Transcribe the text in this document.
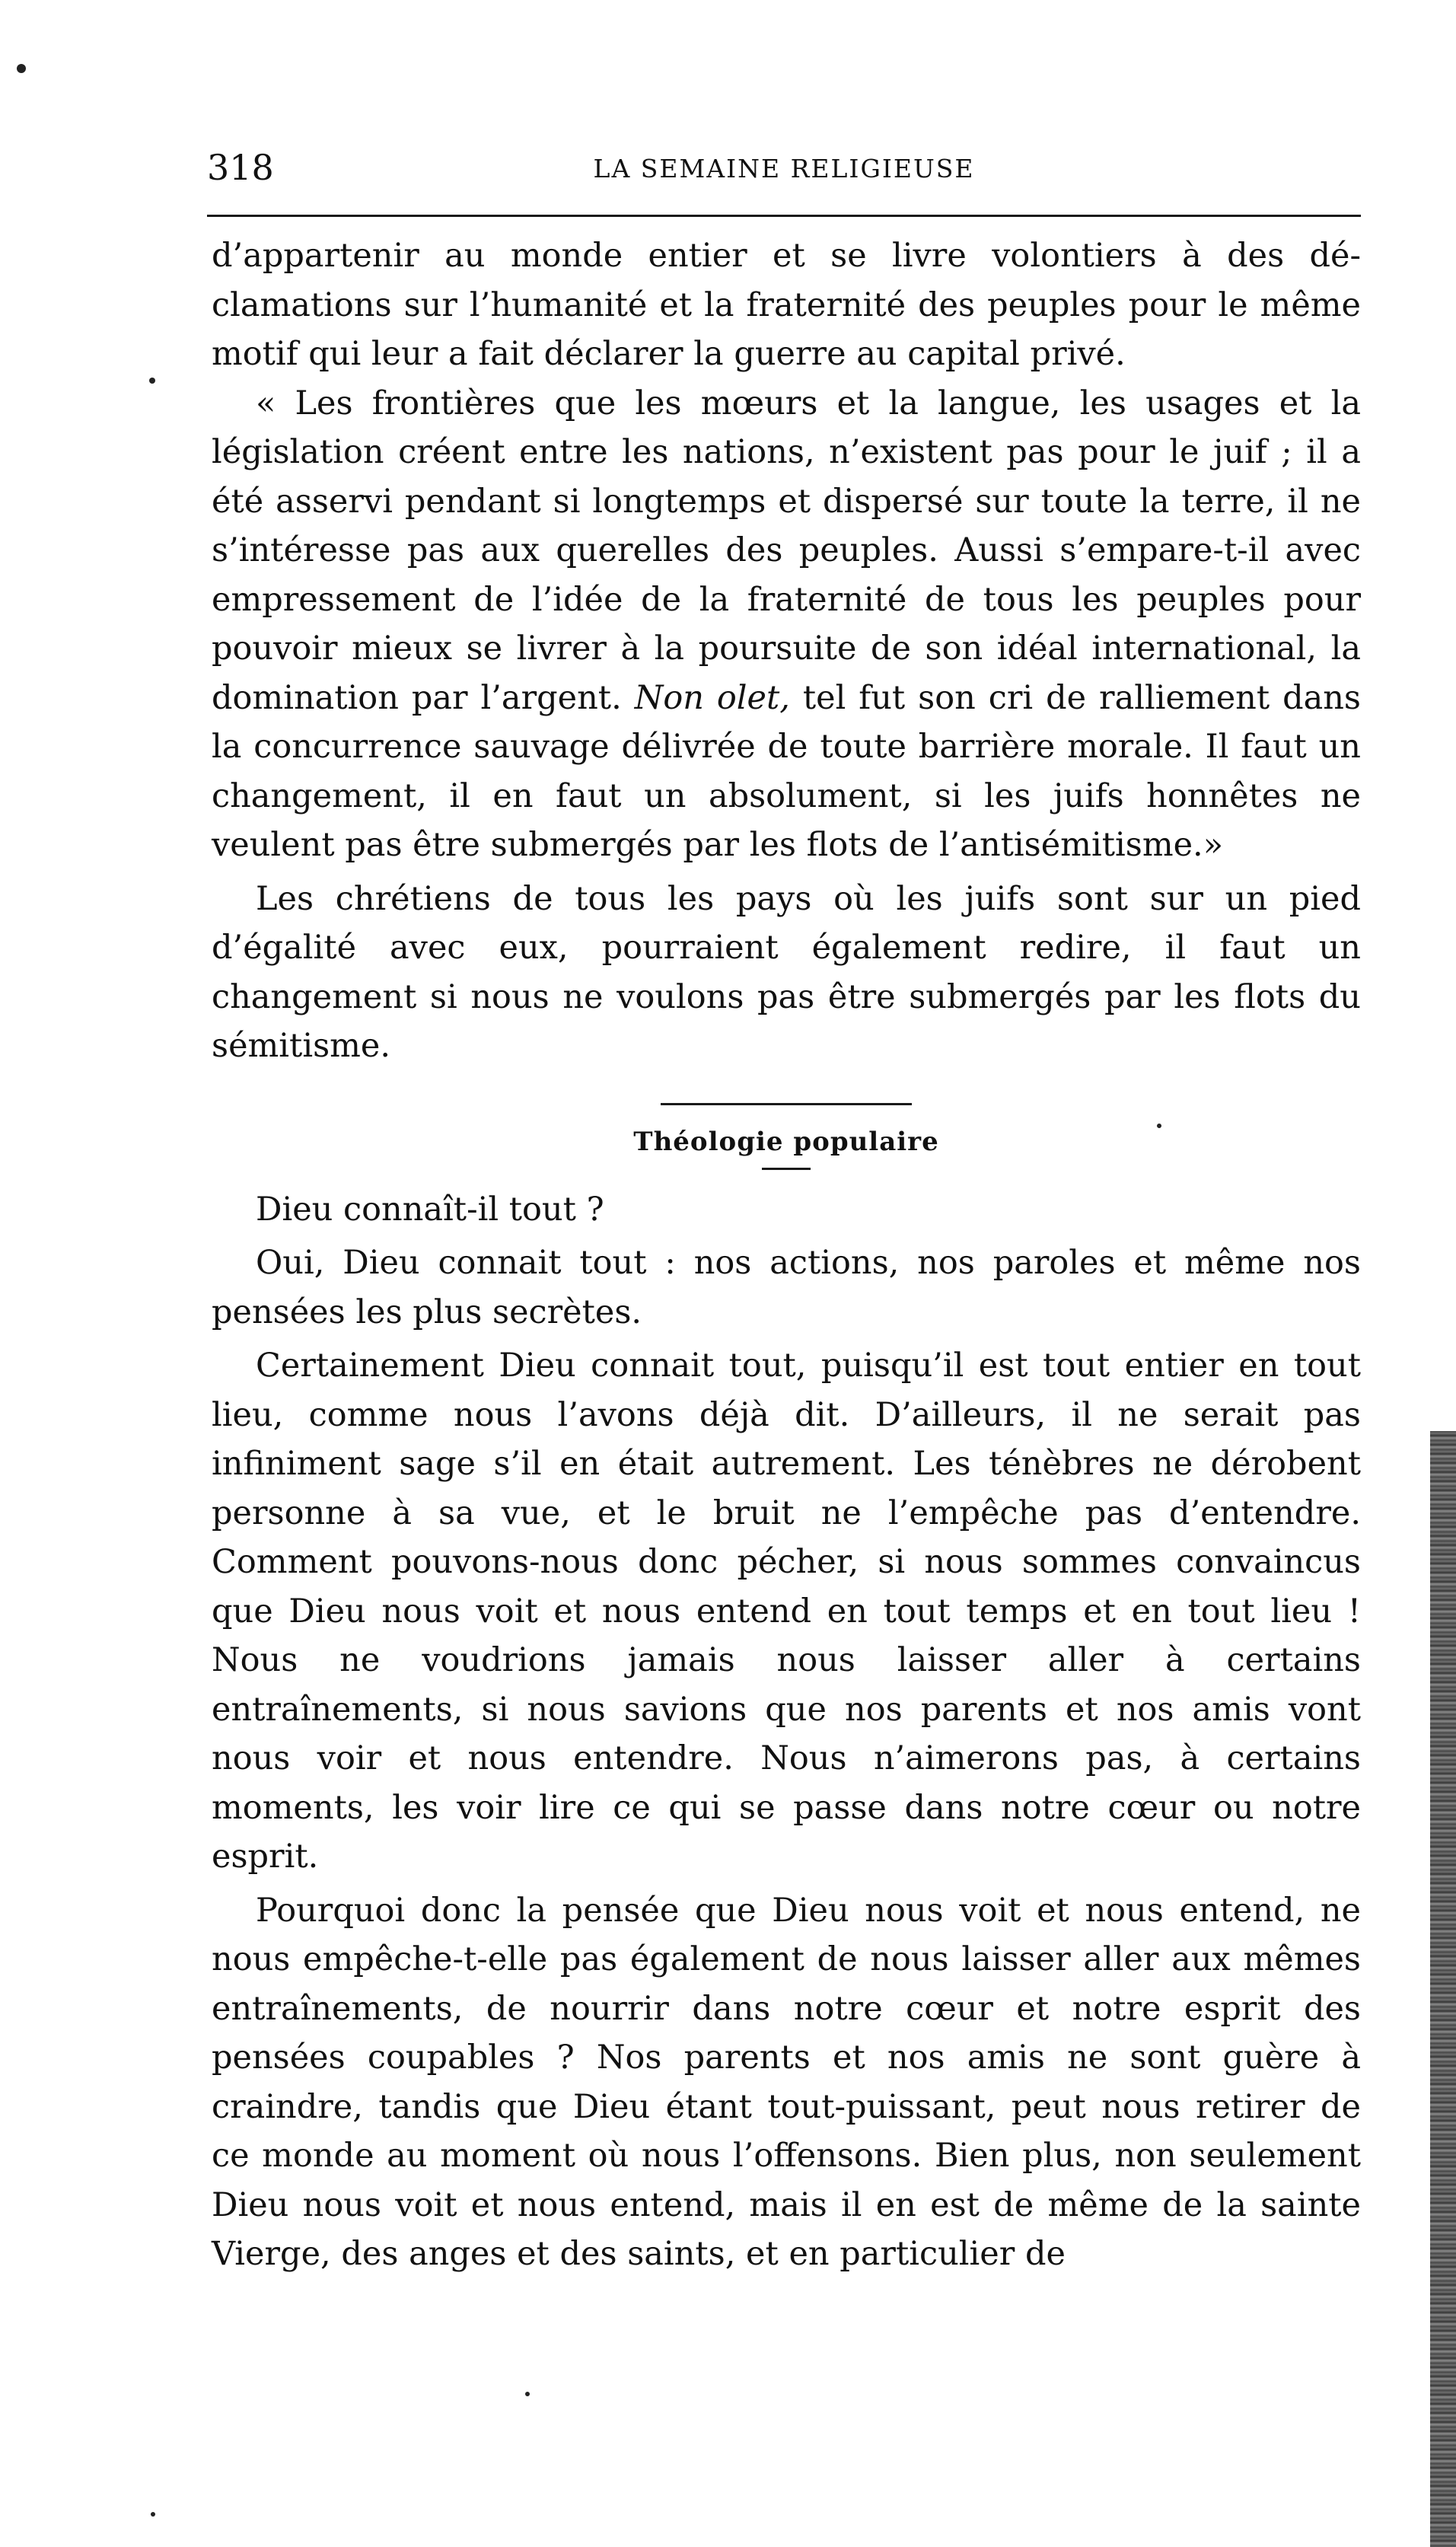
318	LA SEMAINE RELIGIEUSE

d’appartenir au monde entier et se livre volontiers à des dé-clamations sur l’humanité et la fraternité des peuples pour le même motif qui leur a fait déclarer la guerre au capital privé.

« Les frontières que les mœurs et la langue, les usages et la législation créent entre les nations, n’existent pas pour le juif ; il a été asservi pendant si longtemps et dispersé sur toute la terre, il ne s’intéresse pas aux querelles des peuples. Aussi s’empare-t-il avec empressement de l’idée de la fraternité de tous les peuples pour pouvoir mieux se livrer à la poursuite de son idéal international, la domination par l’argent. Non olet, tel fut son cri de ralliement dans la concurrence sauvage délivrée de toute barrière morale. Il faut un changement, il en faut un absolument, si les juifs honnêtes ne veulent pas être submergés par les flots de l’antisémitisme.»

Les chrétiens de tous les pays où les juifs sont sur un pied d’égalité avec eux, pourraient également redire, il faut un changement si nous ne voulons pas être submergés par les flots du sémitisme.

Théologie populaire

Dieu connaît-il tout ?

Oui, Dieu connait tout : nos actions, nos paroles et même nos pensées les plus secrètes.

Certainement Dieu connait tout, puisqu’il est tout entier en tout lieu, comme nous l’avons déjà dit. D’ailleurs, il ne serait pas infiniment sage s’il en était autrement. Les ténèbres ne dérobent personne à sa vue, et le bruit ne l’empêche pas d’entendre. Comment pouvons-nous donc pécher, si nous sommes convaincus que Dieu nous voit et nous entend en tout temps et en tout lieu ! Nous ne voudrions jamais nous laisser aller à certains entraînements, si nous savions que nos parents et nos amis vont nous voir et nous entendre. Nous n’aimerons pas, à certains moments, les voir lire ce qui se passe dans notre cœur ou notre esprit.

Pourquoi donc la pensée que Dieu nous voit et nous entend, ne nous empêche-t-elle pas également de nous laisser aller aux mêmes entraînements, de nourrir dans notre cœur et notre esprit des pensées coupables ? Nos parents et nos amis ne sont guère à craindre, tandis que Dieu étant tout-puissant, peut nous retirer de ce monde au moment où nous l’offensons. Bien plus, non seulement Dieu nous voit et nous entend, mais il en est de même de la sainte Vierge, des anges et des saints, et en particulier de
